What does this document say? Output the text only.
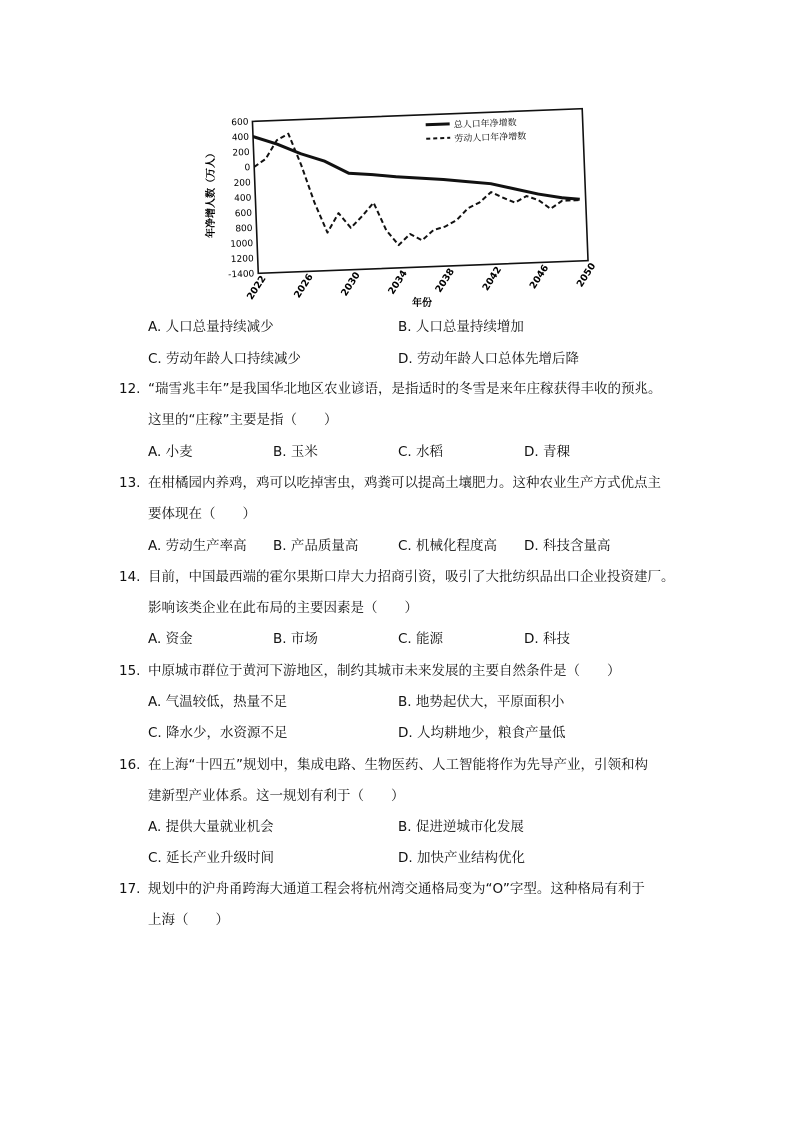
600
400
200
0
200
400
600
800
1000
1200
-1400
2022 2026 2030 2034 2038 2042 2046 2050
总人口年净增数
劳动人口年净增数
年净增人数（万人）
年份
A. 人口总量持续减少	B. 人口总量持续增加
C. 劳动年龄人口持续减少	D. 劳动年龄人口总体先增后降
12. “瑞雪兆丰年”是我国华北地区农业谚语，是指适时的冬雪是来年庄稼获得丰收的预兆。
这里的“庄稼”主要是指（　　）
A. 小麦	B. 玉米	C. 水稻	D. 青稞
13. 在柑橘园内养鸡，鸡可以吃掉害虫，鸡粪可以提高土壤肥力。这种农业生产方式优点主
要体现在（　　）
A. 劳动生产率高 B. 产品质量高	C. 机械化程度高 D. 科技含量高
14. 目前，中国最西端的霍尔果斯口岸大力招商引资，吸引了大批纺织品出口企业投资建厂。
影响该类企业在此布局的主要因素是（　　）
A. 资金	B. 市场	C. 能源	D. 科技
15. 中原城市群位于黄河下游地区，制约其城市未来发展的主要自然条件是（　　）
A. 气温较低，热量不足	B. 地势起伏大，平原面积小
C. 降水少，水资源不足	D. 人均耕地少，粮食产量低
16. 在上海“十四五”规划中，集成电路、生物医药、人工智能将作为先导产业，引领和构
建新型产业体系。这一规划有利于（　　）
A. 提供大量就业机会	B. 促进逆城市化发展
C. 延长产业升级时间	D. 加快产业结构优化
17. 规划中的沪舟甬跨海大通道工程会将杭州湾交通格局变为“O”字型。这种格局有利于
上海（　　）
